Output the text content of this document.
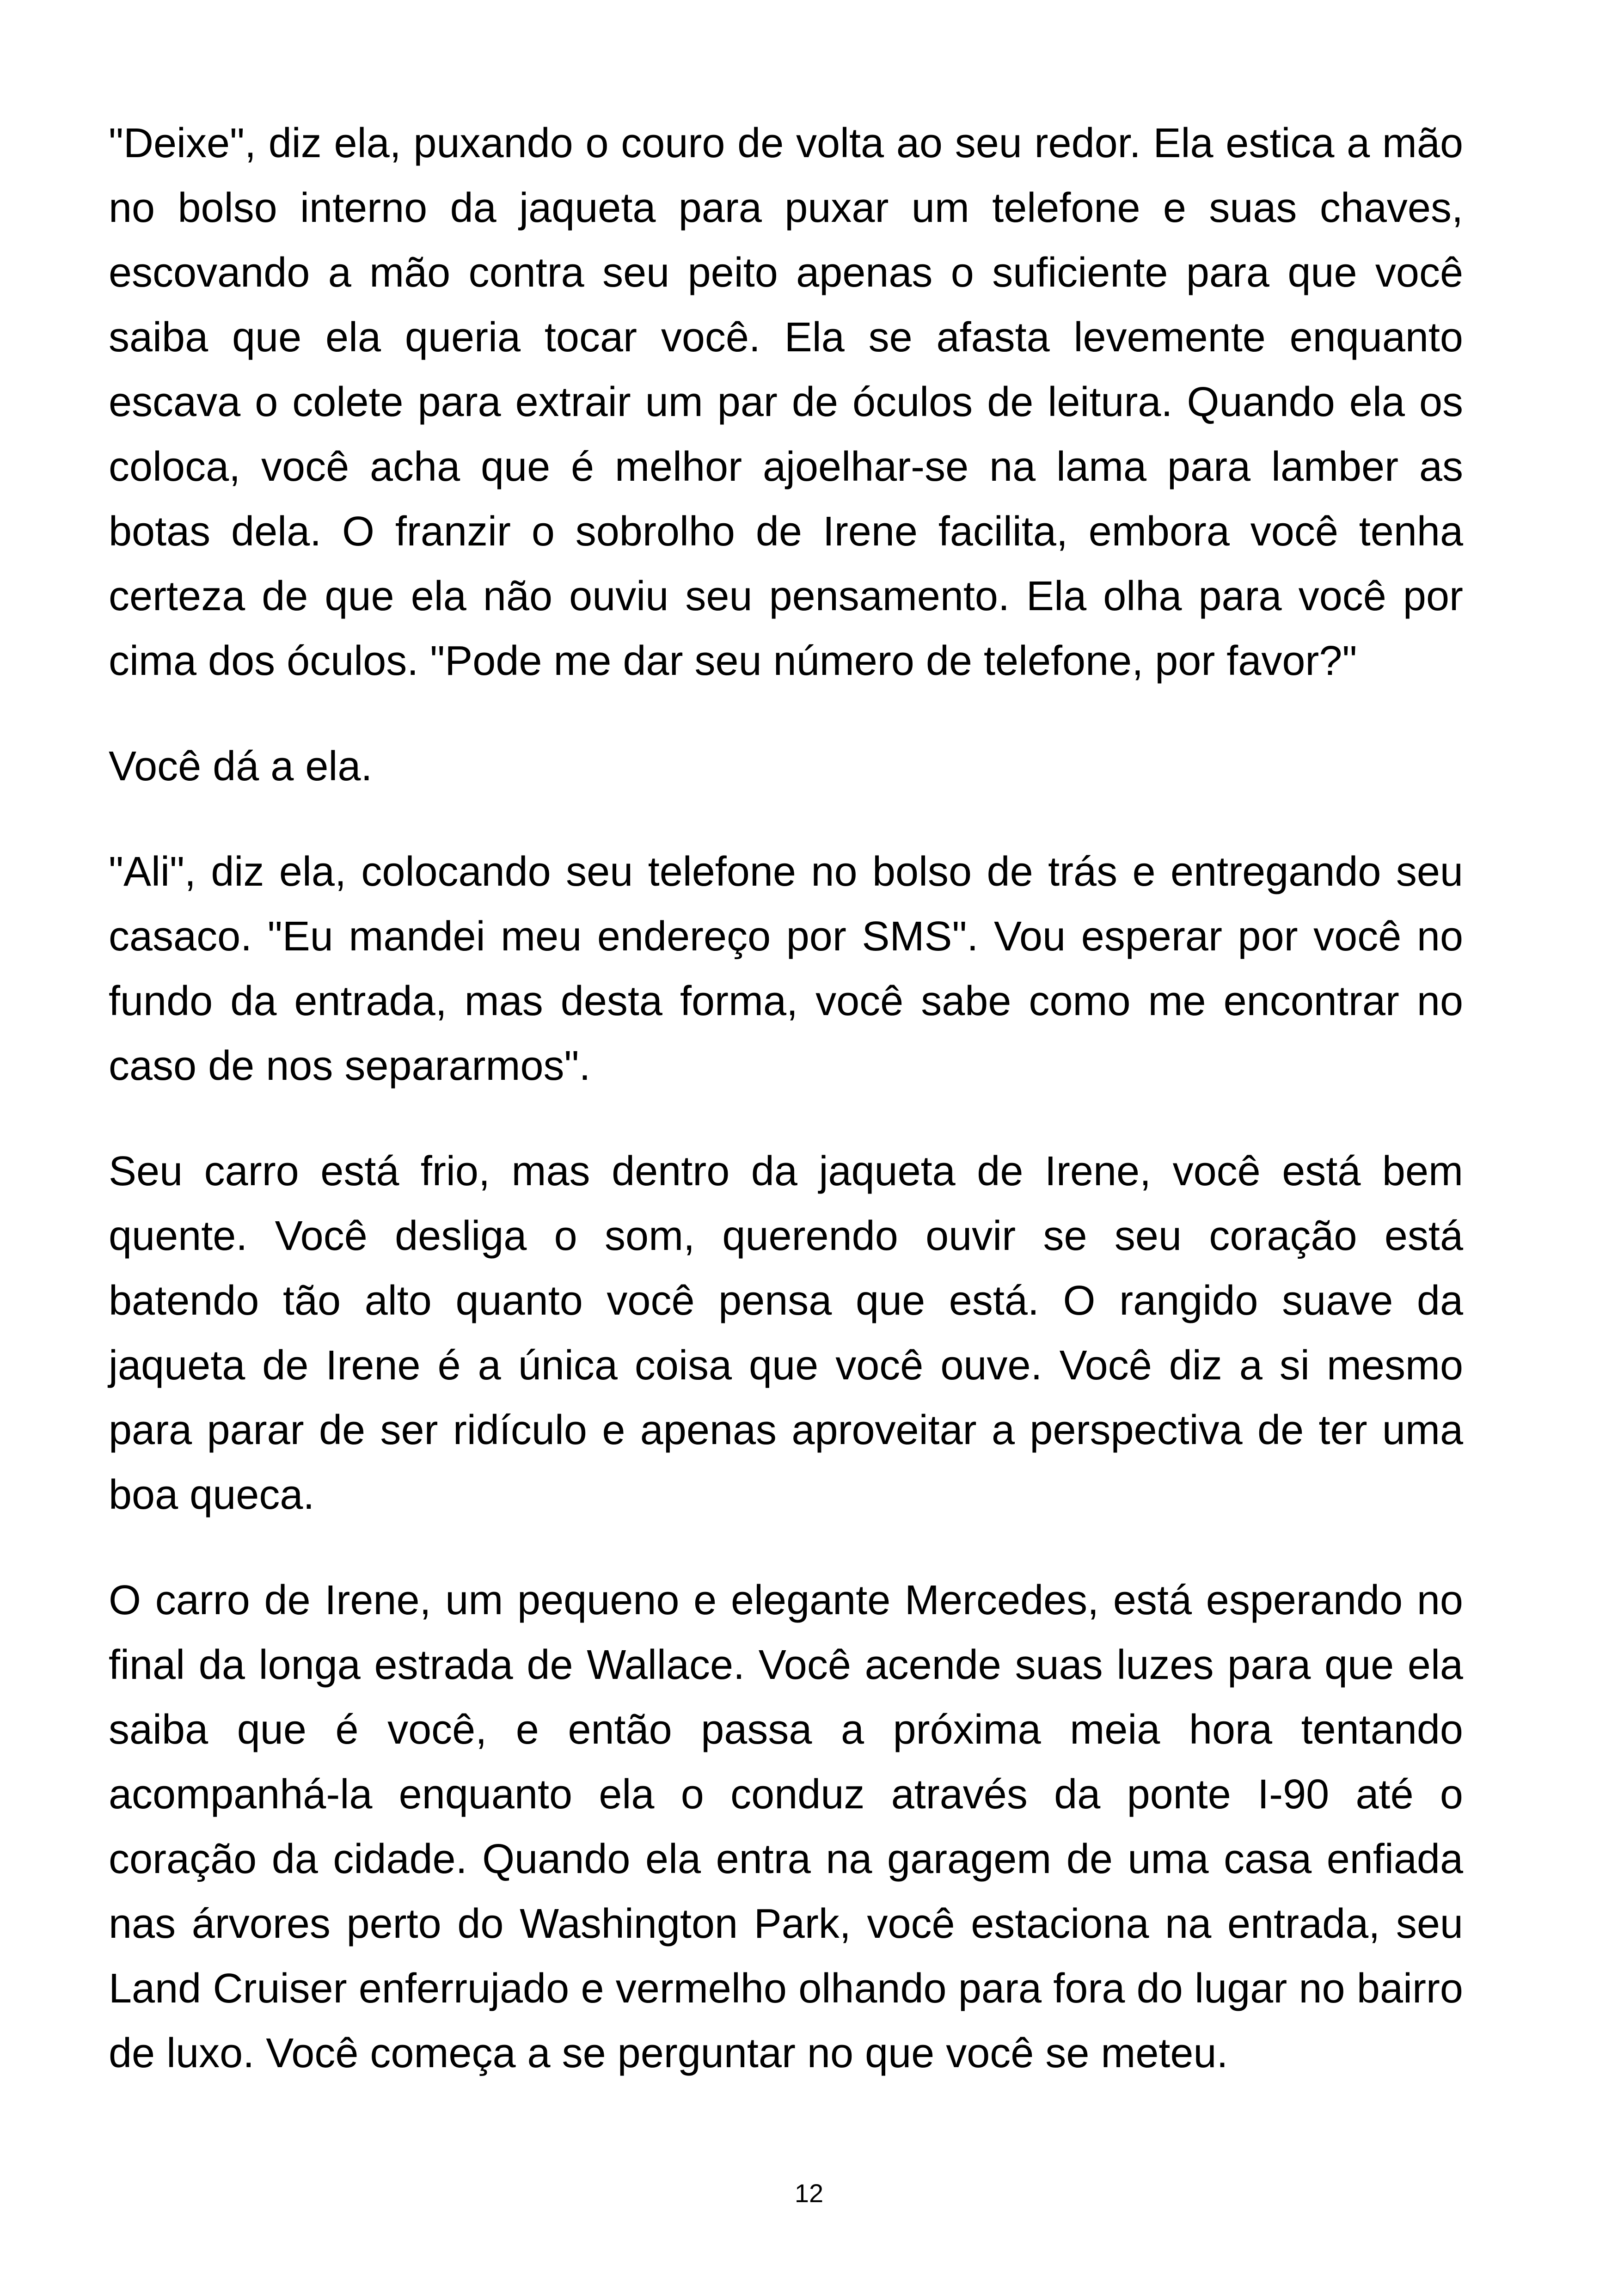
"Deixe", diz ela, puxando o couro de volta ao seu redor. Ela estica a mão no bolso interno da jaqueta para puxar um telefone e suas chaves, escovando a mão contra seu peito apenas o suficiente para que você saiba que ela queria tocar você. Ela se afasta levemente enquanto escava o colete para extrair um par de óculos de leitura. Quando ela os coloca, você acha que é melhor ajoelhar-se na lama para lamber as botas dela. O franzir o sobrolho de Irene facilita, embora você tenha certeza de que ela não ouviu seu pensamento. Ela olha para você por cima dos óculos. "Pode me dar seu número de telefone, por favor?"

Você dá a ela.

"Ali", diz ela, colocando seu telefone no bolso de trás e entregando seu casaco. "Eu mandei meu endereço por SMS". Vou esperar por você no fundo da entrada, mas desta forma, você sabe como me encontrar no caso de nos separarmos".

Seu carro está frio, mas dentro da jaqueta de Irene, você está bem quente. Você desliga o som, querendo ouvir se seu coração está batendo tão alto quanto você pensa que está. O rangido suave da jaqueta de Irene é a única coisa que você ouve. Você diz a si mesmo para parar de ser ridículo e apenas aproveitar a perspectiva de ter uma boa queca.

O carro de Irene, um pequeno e elegante Mercedes, está esperando no final da longa estrada de Wallace. Você acende suas luzes para que ela saiba que é você, e então passa a próxima meia hora tentando acompanhá-la enquanto ela o conduz através da ponte I-90 até o coração da cidade. Quando ela entra na garagem de uma casa enfiada nas árvores perto do Washington Park, você estaciona na entrada, seu Land Cruiser enferrujado e vermelho olhando para fora do lugar no bairro de luxo. Você começa a se perguntar no que você se meteu.

12
